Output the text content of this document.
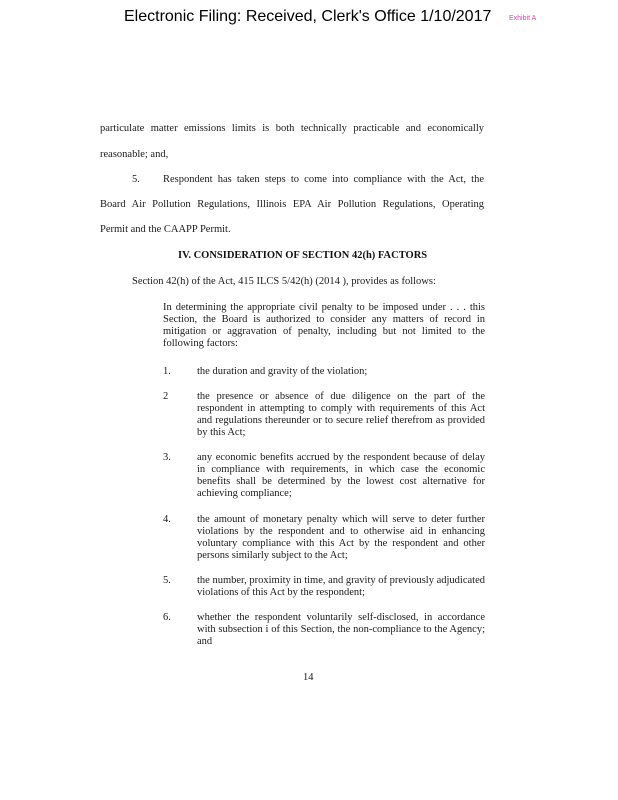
Electronic Filing: Received, Clerk's Office 1/10/2017	Exhibit A
particulate matter emissions limits is both technically practicable and economically
reasonable; and,
5. Respondent has taken steps to come into compliance with the Act, the
Board Air Pollution Regulations, Illinois EPA Air Pollution Regulations, Operating
Permit and the CAAPP Permit.
IV. CONSIDERATION OF SECTION 42(h) FACTORS
Section 42(h) of the Act, 415 ILCS 5/42(h) (2014 ), provides as follows:
In determining the appropriate civil penalty to be imposed under . . . this Section, the Board is authorized to consider any matters of record in mitigation or aggravation of penalty, including but not limited to the following factors:
1. the duration and gravity of the violation;
2	the presence or absence of due diligence on the part of the respondent in attempting to comply with requirements of this Act and regulations thereunder or to secure relief therefrom as provided by this Act;
3. any economic benefits accrued by the respondent because of delay in compliance with requirements, in which case the economic benefits shall be determined by the lowest cost alternative for achieving compliance;
4. the amount of monetary penalty which will serve to deter further violations by the respondent and to otherwise aid in enhancing voluntary compliance with this Act by the respondent and other persons similarly subject to the Act;
5. the number, proximity in time, and gravity of previously adjudicated violations of this Act by the respondent;
6. whether the respondent voluntarily self-disclosed, in accordance with subsection i of this Section, the non-compliance to the Agency; and
14
